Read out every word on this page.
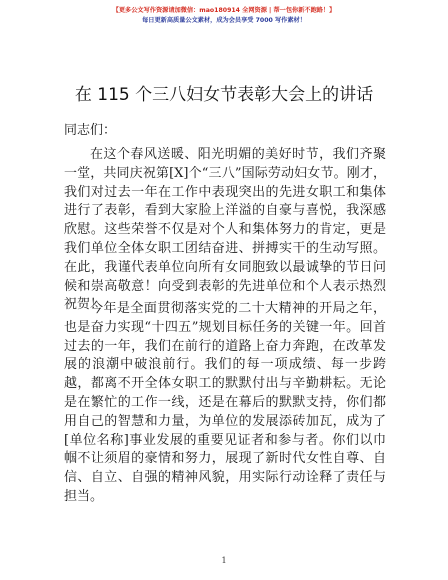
【更多公文写作资源请加微信：mao180914 全网资源 | 帮一包你新不跑路！】
每日更新高质量公文素材，成为会员享受 7000 写作素材！
在 115 个三八妇女节表彰大会上的讲话
同志们：

在这个春风送暖、阳光明媚的美好时节，我们齐聚一堂，共同庆祝第[X]个“三八”国际劳动妇女节。刚才，我们对过去一年在工作中表现突出的先进女职工和集体进行了表彰，看到大家脸上洋溢的自豪与喜悦，我深感欣慰。这些荣誉不仅是对个人和集体努力的肯定，更是我们单位全体女职工团结奋进、拼搏实干的生动写照。在此，我谨代表单位向所有女同胞致以最诚挚的节日问候和崇高敬意！向受到表彰的先进单位和个人表示热烈祝贺！

今年是全面贯彻落实党的二十大精神的开局之年，也是奋力实现“十四五”规划目标任务的关键一年。回首过去的一年，我们在前行的道路上奋力奔跑，在改革发展的浪潮中破浪前行。我们的每一项成绩、每一步跨越，都离不开全体女职工的默默付出与辛勤耕耘。无论是在繁忙的工作一线，还是在幕后的默默支持，你们都用自己的智慧和力量，为单位的发展添砖加瓦，成为了[单位名称]事业发展的重要见证者和参与者。你们以巾帼不让须眉的豪情和努力，展现了新时代女性自尊、自信、自立、自强的精神风貌，用实际行动诠释了责任与担当。

1
